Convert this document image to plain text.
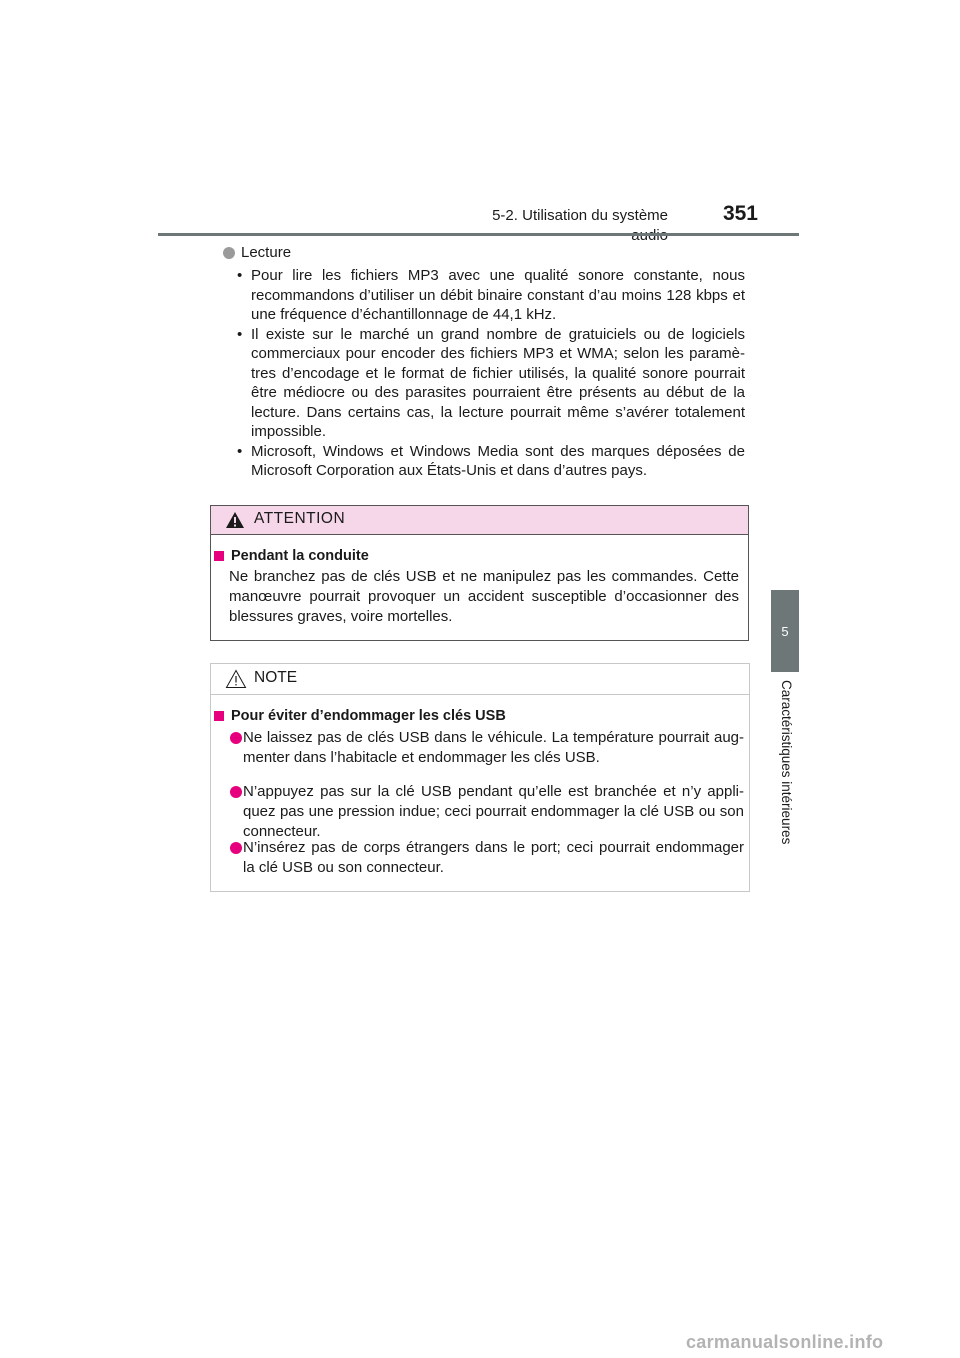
5-2. Utilisation du système	351
5
Caractéristiques intérieures
Lecture
• Pour lire les fichiers MP3 avec une qualité sonore constante, nous recommandons d’utiliser un débit binaire constant d’au moins 128 kbps et une fréquence d’échantillonnage de 44,1 kHz.
• Il existe sur le marché un grand nombre de gratuiciels ou de logiciels commerciaux pour encoder des fichiers MP3 et WMA; selon les paramè-tres d’encodage et le format de fichier utilisés, la qualité sonore pourrait être médiocre ou des parasites pourraient être présents au début de la lecture. Dans certains cas, la lecture pourrait même s’avérer totalement impossible.
• Microsoft, Windows et Windows Media sont des marques déposées de Microsoft Corporation aux États-Unis et dans d’autres pays.
ATTENTION
Pendant la conduite
Ne branchez pas de clés USB et ne manipulez pas les commandes. Cette manœuvre pourrait provoquer un accident susceptible d’occasionner des blessures graves, voire mortelles.
NOTE
Pour éviter d’endommager les clés USB
Ne laissez pas de clés USB dans le véhicule. La température pourrait aug-menter dans l’habitacle et endommager les clés USB.
N’appuyez pas sur la clé USB pendant qu’elle est branchée et n’y appli-quez pas une pression indue; ceci pourrait endommager la clé USB ou son connecteur.
N’insérez pas de corps étrangers dans le port; ceci pourrait endommager la clé USB ou son connecteur.
carmanualsonline.info
